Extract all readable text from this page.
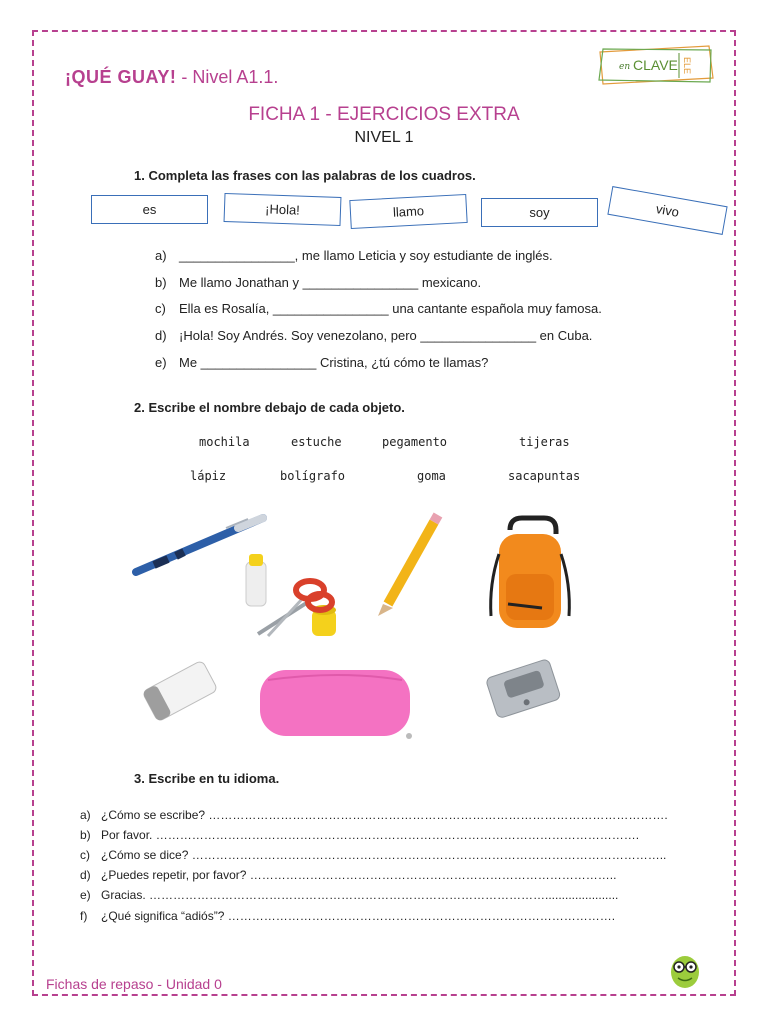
¡QUÉ GUAY! - Nivel A1.1.	en CLAVE ELE
FICHA 1 - EJERCICIOS EXTRA
NIVEL 1
1. Completa las frases con las palabras de los cuadros.
es	¡Hola!	llamo	soy	vivo
a) ________________, me llamo Leticia y soy estudiante de inglés.
b) Me llamo Jonathan y ________________ mexicano.
c) Ella es Rosalía, ________________ una cantante española muy famosa.
d) ¡Hola! Soy Andrés. Soy venezolano, pero ________________ en Cuba.
e) Me ________________ Cristina, ¿tú cómo te llamas?
2. Escribe el nombre debajo de cada objeto.
mochila	estuche	pegamento	tijeras
lápiz	bolígrafo	goma	sacapuntas
3. Escribe en tu idioma.
a) ¿Cómo se escribe? …………………………………………………………………………………………………….
b) Por favor. ………………………………………………………………………………………………………….
c) ¿Cómo se dice? ………………………………………………………………………………………………………..
d) ¿Puedes repetir, por favor? ………………………………………………………………………………..
e) Gracias. ………………………………………………………………………………………......................
f) ¿Qué significa “adiós”? …………………………………………………………………………………….
Fichas de repaso - Unidad 0
